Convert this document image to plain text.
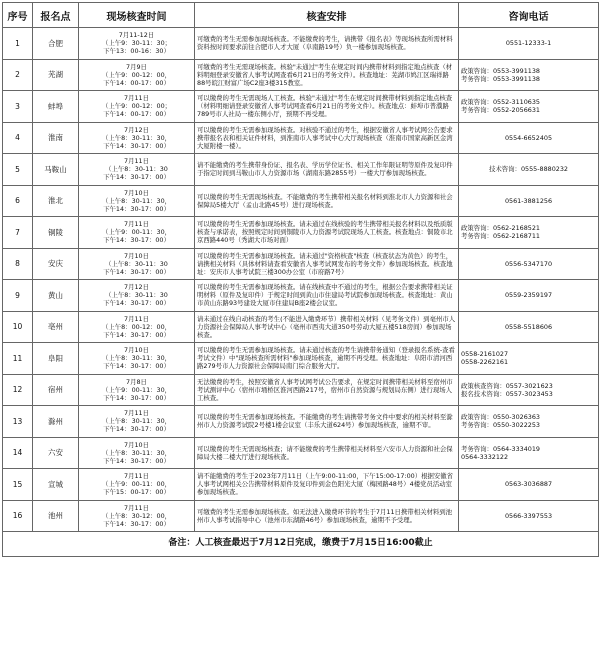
序号	报名点	现场核查时间	核查安排	咨询电话
1	合肥	7月11-12日
（上午9：30-11：30；
下午13：00-16：30）	可缴费的考生无需参加现场核查。不能缴费的考生，请携带《报名表》等现场核查所需材料资料按时间要求前往合肥市人才大厦（阜南路19号）负一楼参加现场核查。	0551-12333-1

2	芜湖	7月9日
（上午9：00-12：00，
下午14：00-17：00）	可缴费的考生无需现场核查。核验"未通过"考生在规定时间内携带材料到指定地点核查（材料明细登录安徽省人事考试网查看6月21日的考务文件）。核查地址：芜湖市鸠江区瑞祥路88号皖江财富广场C2座3楼315教室。	政策咨询：0553-3991138
考务咨询：0553-3991138

3	蚌埠	7月11日
（上午9：00-12：00；
下午14：00-17：00）	可以缴费的考生无需现场人工核查。核验"未通过"考生在规定时间携带材料到指定地点核查（材料明细请登录安徽省人事考试网查看6月21日的考务文件）。核查地点：蚌埠市普濮路789号市人社局一楼东侧小厅，预期不再受理。	政策咨询：0552-3110635
考务咨询：0552-2056631

4	淮南	7月12日
（上午8：30-11：30，
下午14：30-17：00）	可以缴费的考生无需参加现场核查。对核验不通过的考生，根据安徽省人事考试网公告要求携带报名表和相关证件材料，到淮南市人事考试中心大厅现场核查（淮南市国家高新区金湾大厦附楼一楼）。	0554-6652405

5	马鞍山	7月11日
（上午8：30-11：30
下午14：30-17：00）	请不能缴费的考生携带身份证、报名表、学历学位证书、相关工作年限证明等原件及复印件于指定时间到马鞍山市人力资源市场（湖南东路2855号）一楼大厅参加现场核查。	技术咨询：0555-8880232

6	淮北	7月10日
（上午8：30-11：30，
下午14：30-17：00）	可以缴费的考生无需现场核查。不能缴费的考生携带相关报名材料到淮北市人力资源和社会保障局5楼大厅（孟山北路45号）进行现场核查。	0561-3881256

7	铜陵	7月11日
（上午9：00-11：30，
下午14：30-17：00）	可以缴费的考生无需参加现场核查。请未通过在线核验的考生携带相关报名材料以及纸质版核查与承诺表，按照规定时间到铜陵市人力资源考试院现场人工核查。核查地点：铜陵市北京西路440号（秀湖大市场对面）	政策咨询：0562-2168521
考务咨询：0562-2168711

8	安庆	7月10日
（上午8：30-11：30
下午14：30-17：00）	可以缴费的考生无需参加现场核查。请未通过"资格核查"核查（核查状态为黄色）的考生，请携相关材料（具体材料请查看安徽省人事考试网发布的考务文件）参加现场核查。核查地址：安庆市人事考试院三楼300办公室（市府路7号）	0556-5347170

9	黄山	7月12日
（上午8：30-11：30
下午14：30-17：00）	可以缴费的考生无需参加现场核查。请在线核查中不通过的考生，根据公告要求携带相关证明材料（原件及复印件）于规定时间到黄山市住建局考试院参加现场核查。核查地址：黄山市黄山东路93号建设大厦市住建局B座2楼会议室。	0559-2359197

10	亳州	7月11日
（上午8：00-12：00，
下午14：30-17：00）	请未通过在线自动核查的考生(不能进入缴费环节）携带相关材料（见考务文件）到亳州市人力资源社会保障局人事考试中心（亳州市西夷大道350号劳动大厦五楼518房间）参加现场核查。	0558-5518606

11	阜阳	7月10日
（上午8：30-11：30，
下午14：30-17：00）	可以缴费的考生无需参加现场核查。请未通过核查的考生请携带务通知（登录报名系统-查看考试文件）中"现场核查所需材料"参加现场核查，逾期不再受理。核查地址：阜阳市清河西路279号市人力资源社会保障局南门综合服务大厅。	0558-2161027
0558-2262161

12	宿州	7月8日
（上午9：00-11：30，
下午14：30-17：00）	无法缴费的考生，按照安徽省人事考试网考试公告要求，在规定时间携带相关材料至宿州市考试测评中心（宿州市埇桥区淮河西路217号，宿州市自然资源与规划局东侧）进行现场人工核查。	政策核查咨询：0557-3021623
报名技术咨询：0557-3023453

13	滁州	7月11日
（上午8：30-11：30，
下午14：30-17：00）	可以缴费的考生无需参加现场核查。不能缴费的考生请携带考务文件中要求的相关材料至滁州市人力资源考试院2号楼1楼会议室（丰乐大道624号）参加现场核查，逾期不审。	政策咨询：0550-3026363
考务咨询：0550-3022253

14	六安	7月10日
（上午8：30-11：30，
下午14：30-17：00）	可以缴费的考生无需现场核查；请不能缴费的考生携带相关材料至六安市人力资源和社会保障局大楼二楼大厅进行现场核查。	考务咨询：0564-3334019
0564-3332122

15	宣城	7月11日
（上午9：00-11：00，
下午15：00-17：00）	请不能缴费的考生于2023年7月11日（上午9:00-11:00，下午15:00-17:00）根据安徽省人事考试网相关公告携带材料原件及复印件到金色阳光大厦（梅园路48号）4楼党员活动室参加现场核查。	0563-3036887

16	池州	7月11日
（上午8：30-12：00，
下午14：30-17：00）	可缴费的考生无需参加现场核查。如无法进入缴费环节的考生于7月11日携带相关材料到池州市人事考试指导中心（池州市东湖路46号）参加现场核查，逾期不予受理。	0566-3397553

备注：人工核查最迟于7月12日完成，缴费于7月15日16:00截止				
